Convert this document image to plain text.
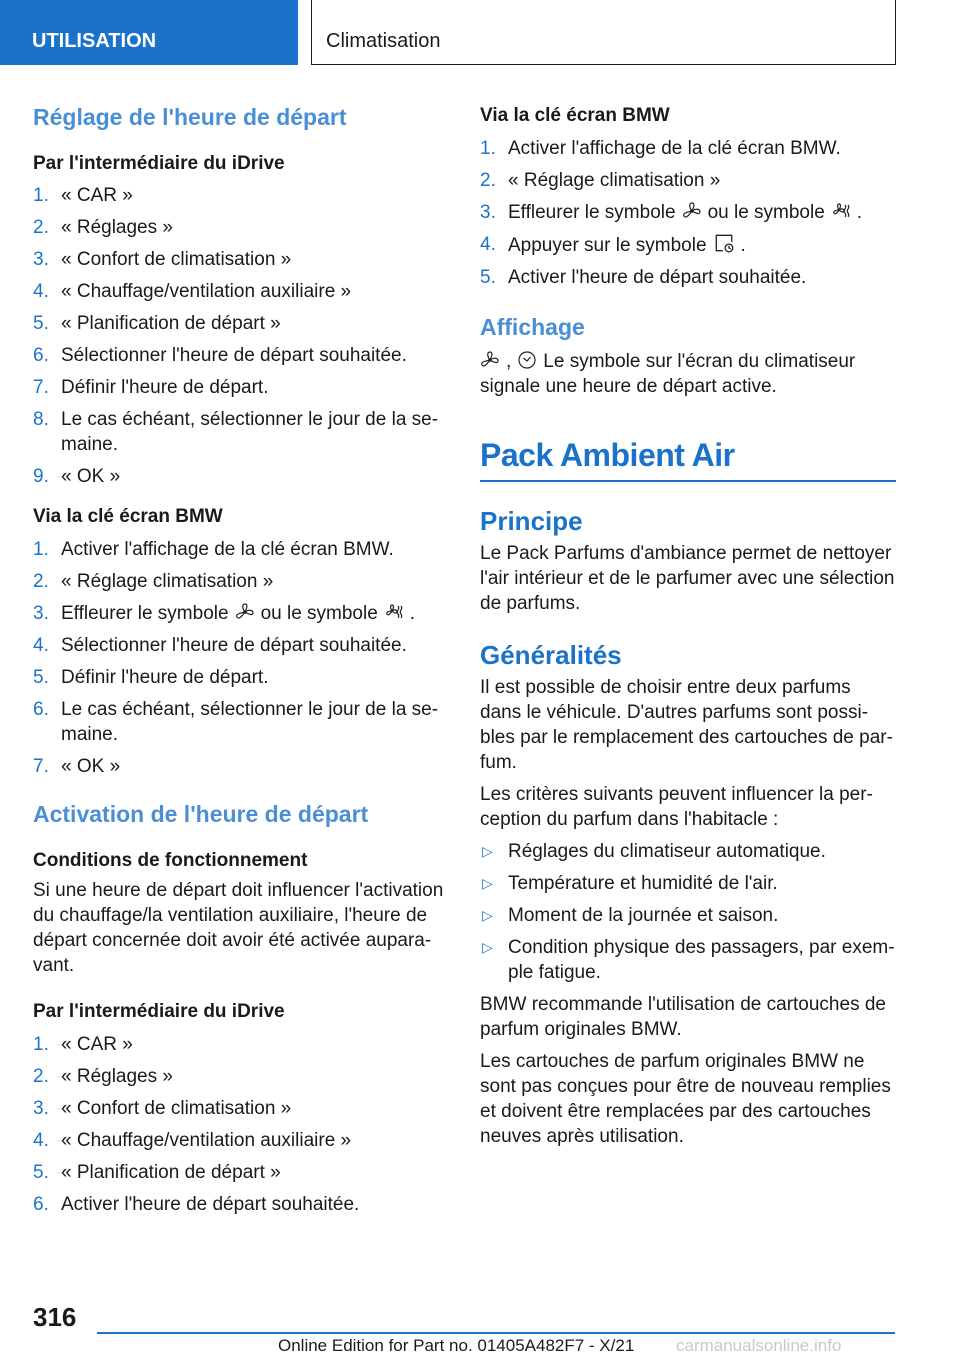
UTILISATION	Climatisation
Réglage de l'heure de départ
Par l'intermédiaire du iDrive
1. « CAR »
2. « Réglages »
3. « Confort de climatisation »
4. « Chauffage/ventilation auxiliaire »
5. « Planification de départ »
6. Sélectionner l'heure de départ souhaitée.
7. Définir l'heure de départ.
8. Le cas échéant, sélectionner le jour de la se-maine.
9. « OK »
Via la clé écran BMW
1. Activer l'affichage de la clé écran BMW.
2. « Réglage climatisation »
3. Effleurer le symbole ou le symbole .
4. Sélectionner l'heure de départ souhaitée.
5. Définir l'heure de départ.
6. Le cas échéant, sélectionner le jour de la se-maine.
7. « OK »
Activation de l'heure de départ
Conditions de fonctionnement

Si une heure de départ doit influencer l'activation du chauffage/la ventilation auxiliaire, l'heure de départ concernée doit avoir été activée aupara-vant.

Par l'intermédiaire du iDrive
1. « CAR »
2. « Réglages »
3. « Confort de climatisation »
4. « Chauffage/ventilation auxiliaire »
5. « Planification de départ »
6. Activer l'heure de départ souhaitée.
Via la clé écran BMW
1. Activer l'affichage de la clé écran BMW.
2. « Réglage climatisation »
3. Effleurer le symbole ou le symbole .
4. Appuyer sur le symbole .
5. Activer l'heure de départ souhaitée.
Affichage

, Le symbole sur l'écran du climatiseur signale une heure de départ active.

Pack Ambient Air
Principe

Le Pack Parfums d'ambiance permet de nettoyer l'air intérieur et de le parfumer avec une sélection de parfums.

Généralités

Il est possible de choisir entre deux parfums dans le véhicule. D'autres parfums sont possi-bles par le remplacement des cartouches de par-fum.

Les critères suivants peuvent influencer la per-ception du parfum dans l'habitacle :

▷ Réglages du climatiseur automatique.
▷ Température et humidité de l'air.
▷ Moment de la journée et saison.
▷ Condition physique des passagers, par exem-ple fatigue.

BMW recommande l'utilisation de cartouches de parfum originales BMW.

Les cartouches de parfum originales BMW ne sont pas conçues pour être de nouveau remplies et doivent être remplacées par des cartouches neuves après utilisation.

316
Online Edition for Part no. 01405A482F7 - X/21 carmanualsonline.info
